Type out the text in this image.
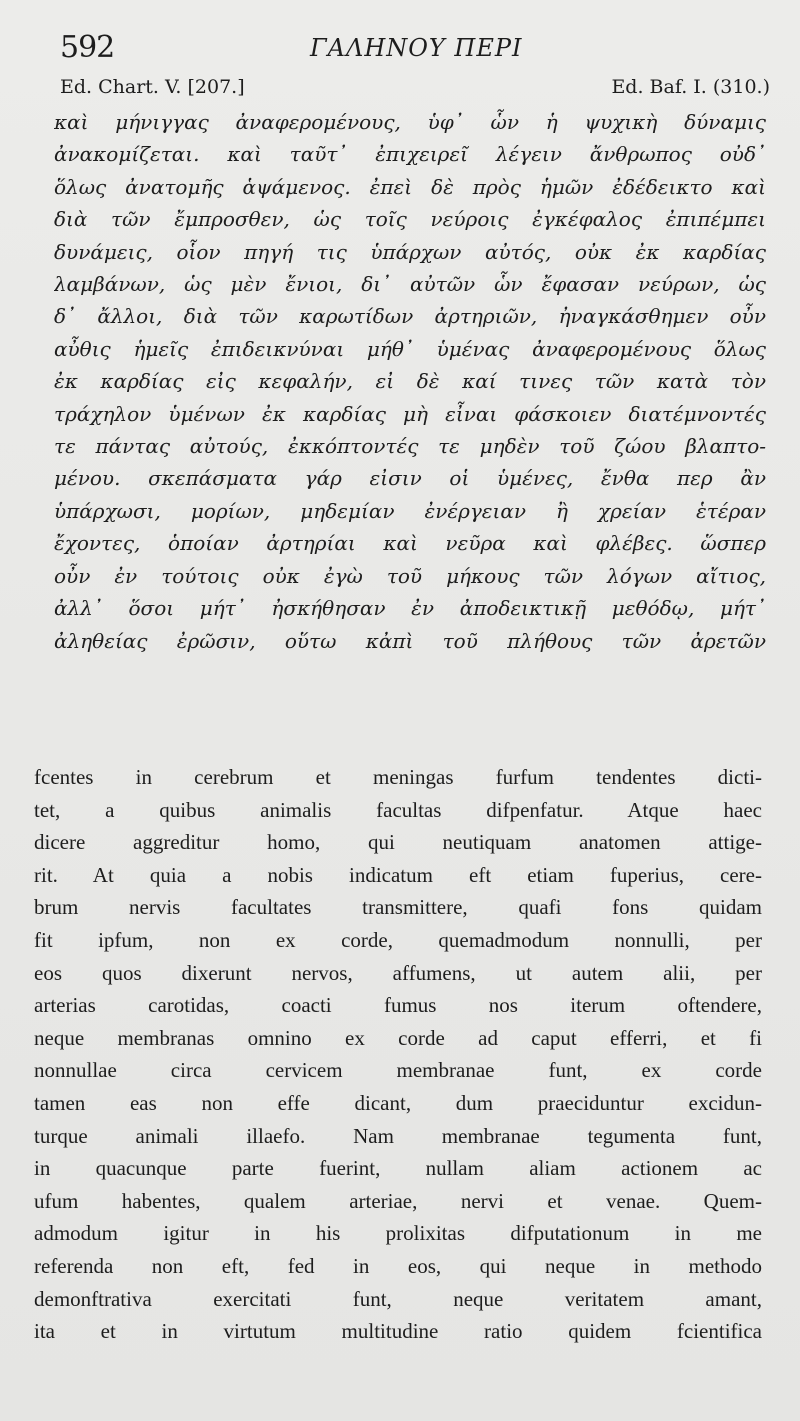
592	ΓΑΛΗΝΟΥ ΠΕΡΙ
Ed. Chart. V. [207.]	Ed. Baf. I. (310.)
καὶ μήνιγγας ἀναφερομένους, ὑφ᾽ ὧν ἡ ψυχικὴ δύναμις
ἀνακομίζεται. καὶ ταῦτ᾽ ἐπιχειρεῖ λέγειν ἄνθρωπος οὐδ᾽
ὅλως ἀνατομῆς ἁψάμενος. ἐπεὶ δὲ πρὸς ἡμῶν ἐδέδεικτο καὶ
διὰ τῶν ἔμπροσθεν, ὡς τοῖς νεύροις ἐγκέφαλος ἐπιπέμπει
δυνάμεις, οἷον πηγή τις ὑπάρχων αὐτός, οὐκ ἐκ καρδίας
λαμβάνων, ὡς μὲν ἔνιοι, δι᾽ αὐτῶν ὧν ἔφασαν νεύρων, ὡς
δ᾽ ἄλλοι, διὰ τῶν καρωτίδων ἀρτηριῶν, ἠναγκάσθημεν οὖν
αὖθις ἡμεῖς ἐπιδεικνύναι μήθ᾽ ὑμένας ἀναφερομένους ὅλως
ἐκ καρδίας εἰς κεφαλήν, εἰ δὲ καί τινες τῶν κατὰ τὸν
τράχηλον ὑμένων ἐκ καρδίας μὴ εἶναι φάσκοιεν διατέμνοντές
τε πάντας αὐτούς, ἐκκόπτοντές τε μηδὲν τοῦ ζώου βλαπτο-
μένου. σκεπάσματα γάρ εἰσιν οἱ ὑμένες, ἔνθα περ ἂν
ὑπάρχωσι, μορίων, μηδεμίαν ἐνέργειαν ἢ χρείαν ἑτέραν
ἔχοντες, ὁποίαν ἀρτηρίαι καὶ νεῦρα καὶ φλέβες. ὥσπερ
οὖν ἐν τούτοις οὐκ ἐγὼ τοῦ μήκους τῶν λόγων αἴτιος,
ἀλλ᾽ ὅσοι μήτ᾽ ἠσκήθησαν ἐν ἀποδεικτικῇ μεθόδῳ, μήτ᾽
ἀληθείας ἐρῶσιν, οὕτω κἀπὶ τοῦ πλήθους τῶν ἀρετῶν
fcentes in cerebrum et meningas furfum tendentes dicti-
tet, a quibus animalis facultas difpenfatur. Atque haec
dicere aggreditur homo, qui neutiquam anatomen attige-
rit. At quia a nobis indicatum eft etiam fuperius, cere-
brum nervis facultates transmittere, quafi fons quidam
fit ipfum, non ex corde, quemadmodum nonnulli, per
eos quos dixerunt nervos, affumens, ut autem alii, per
arterias carotidas, coacti fumus nos iterum oftendere,
neque membranas omnino ex corde ad caput efferri, et fi
nonnullae circa cervicem membranae funt, ex corde
tamen eas non effe dicant, dum praeciduntur excidun-
turque animali illaefo. Nam membranae tegumenta funt,
in quacunque parte fuerint, nullam aliam actionem ac
ufum habentes, qualem arteriae, nervi et venae. Quem-
admodum igitur in his prolixitas difputationum in me
referenda non eft, fed in eos, qui neque in methodo
demonftrativa exercitati funt, neque veritatem amant,
ita et in virtutum multitudine ratio quidem fcientifica
